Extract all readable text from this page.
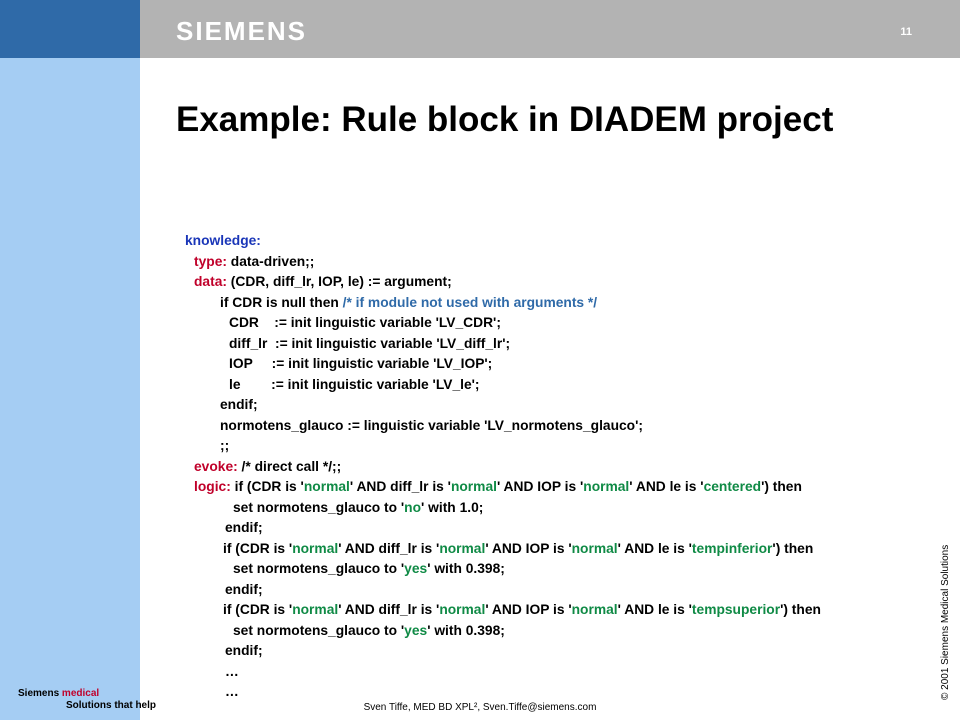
SIEMENS	11
Example: Rule block in DIADEM project
knowledge:
type: data-driven;;
data: (CDR, diff_lr, IOP, le) := argument;
if CDR is null then /* if module not used with arguments */
CDR    := init linguistic variable 'LV_CDR';
diff_lr  := init linguistic variable 'LV_diff_lr';
IOP     := init linguistic variable 'LV_IOP';
le        := init linguistic variable 'LV_le';
endif;
normotens_glauco := linguistic variable 'LV_normotens_glauco';
;;
evoke: /* direct call */;;
logic: if (CDR is 'normal' AND diff_lr is 'normal' AND IOP is 'normal' AND le is 'centered') then
set normotens_glauco to 'no' with 1.0;
endif;
if (CDR is 'normal' AND diff_lr is 'normal' AND IOP is 'normal' AND le is 'tempinferior') then
set normotens_glauco to 'yes' with 0.398;
endif;
if (CDR is 'normal' AND diff_lr is 'normal' AND IOP is 'normal' AND le is 'tempsuperior') then
set normotens_glauco to 'yes' with 0.398;
endif;
…
…
Siemens medical
Solutions that help	Sven Tiffe, MED BD XPL², Sven.Tiffe@siemens.com
© 2001 Siemens Medical Solutions
